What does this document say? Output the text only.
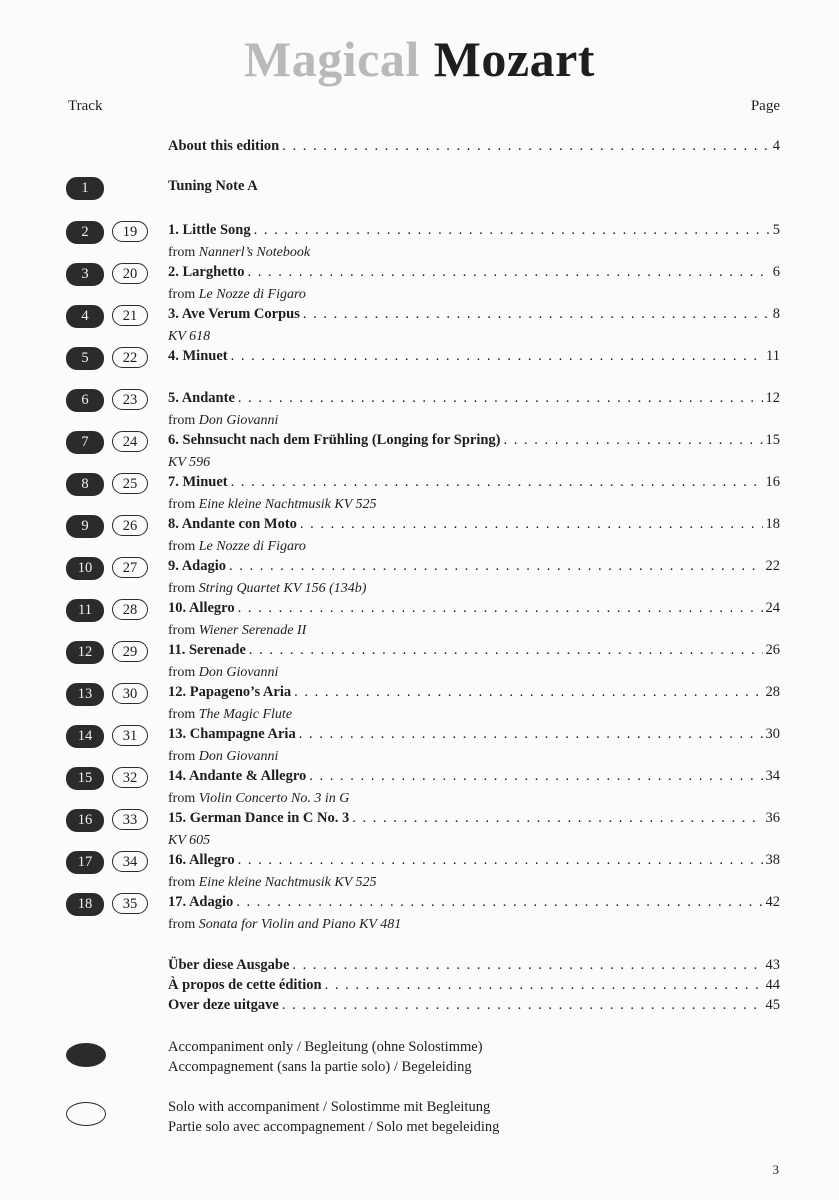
Magical Mozart
Track	Page
About this edition . . .	4
1	Tuning Note A
2	19	1. Little Song . . .	5
from Nannerl’s Notebook
3	20	2. Larghetto . . .	6
from Le Nozze di Figaro
4	21	3. Ave Verum Corpus . . .	8
KV 618
5	22	4. Minuet . . .	11
6	23	5. Andante . . .	12
from Don Giovanni
7	24	6. Sehnsucht nach dem Frühling (Longing for Spring) . . .	15
KV 596
8	25	7. Minuet . . .	16
from Eine kleine Nachtmusik KV 525
9	26	8. Andante con Moto . . .	18
from Le Nozze di Figaro
10	27	9. Adagio . . .	22
from String Quartet KV 156 (134b)
11	28	10. Allegro . . .	24
from Wiener Serenade II
12	29	11. Serenade . . .	26
from Don Giovanni
13	30	12. Papageno’s Aria . . .	28
from The Magic Flute
14	31	13. Champagne Aria . . .	30
from Don Giovanni
15	32	14. Andante & Allegro . . .	34
from Violin Concerto No. 3 in G
16	33	15. German Dance in C No. 3 . . .	36
KV 605
17	34	16. Allegro . . .	38
from Eine kleine Nachtmusik KV 525
18	35	17. Adagio . . .	42
from Sonata for Violin and Piano KV 481
Über diese Ausgabe . . .	43
À propos de cette édition . . .	44
Over deze uitgave . . .	45
Accompaniment only / Begleitung (ohne Solostimme)
Accompagnement (sans la partie solo) / Begeleiding
Solo with accompaniment / Solostimme mit Begleitung
Partie solo avec accompagnement / Solo met begeleiding
3
